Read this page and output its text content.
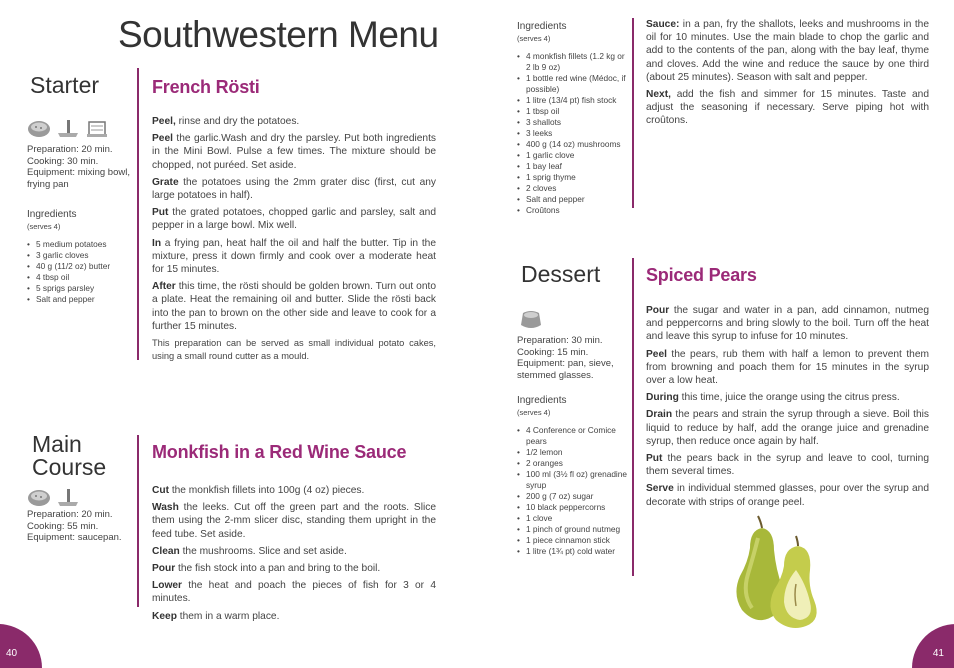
Southwestern Menu
Starter
Preparation: 20 min.
Cooking: 30 min.
Equipment: mixing bowl, frying pan
Ingredients
(serves 4)
• 5 medium potatoes
• 3 garlic cloves
• 40 g (11/2 oz) butter
• 4 tbsp oil
• 5 sprigs parsley
• Salt and pepper
French Rösti

Peel, rinse and dry the potatoes.

Peel the garlic.Wash and dry the parsley. Put both ingredients in the Mini Bowl. Pulse a few times. The mixture should be chopped, not puréed. Set aside.

Grate the potatoes using the 2mm grater disc (first, cut any large potatoes in half).

Put the grated potatoes, chopped garlic and parsley, salt and pepper in a large bowl. Mix well.

In a frying pan, heat half the oil and half the butter. Tip in the mixture, press it down firmly and cook over a moderate heat for 15 minutes.

After this time, the rösti should be golden brown. Turn out onto a plate. Heat the remaining oil and butter. Slide the rösti back into the pan to brown on the other side and leave to cook for a further 15 minutes.

This preparation can be served as small individual potato cakes, using a small round cutter as a mould.

Main
Course
Preparation: 20 min.
Cooking: 55 min.
Equipment: saucepan.
Monkfish in a Red Wine Sauce

Cut the monkfish fillets into 100g (4 oz) pieces.

Wash the leeks. Cut off the green part and the roots. Slice them using the 2-mm slicer disc, standing them upright in the feed tube. Set aside.

Clean the mushrooms. Slice and set aside.

Pour the fish stock into a pan and bring to the boil.

Lower the heat and poach the pieces of fish for 3 or 4 minutes.

Keep them in a warm place.

Ingredients
(serves 4)
• 4 monkfish fillets (1.2 kg or 2 lb 9 oz)
• 1 bottle red wine (Médoc, if possible)
• 1 litre (13/4 pt) fish stock
• 1 tbsp oil
• 3 shallots
• 3 leeks
• 400 g (14 oz) mushrooms
• 1 garlic clove
• 1 bay leaf
• 1 sprig thyme
• 2 cloves
• Salt and pepper
• Croûtons

Sauce: in a pan, fry the shallots, leeks and mushrooms in the oil for 10 minutes. Use the main blade to chop the garlic and add to the contents of the pan, along with the bay leaf, thyme and cloves. Add the wine and reduce the sauce by one third (about 25 minutes). Season with salt and pepper.

Next, add the fish and simmer for 15 minutes. Taste and adjust the seasoning if necessary. Serve piping hot with croûtons.

Dessert
Preparation: 30 min.
Cooking: 15 min.
Equipment: pan, sieve, stemmed glasses.
Ingredients
(serves 4)
• 4 Conference or Comice pears
• 1/2 lemon
• 2 oranges
• 100 ml (3½ fl oz) grenadine syrup
• 200 g (7 oz) sugar
• 10 black peppercorns
• 1 clove
• 1 pinch of ground nutmeg
• 1 piece cinnamon stick
• 1 litre (1¾ pt) cold water
Spiced Pears

Pour the sugar and water in a pan, add cinnamon, nutmeg and peppercorns and bring slowly to the boil. Turn off the heat and leave this syrup to infuse for 10 minutes.

Peel the pears, rub them with half a lemon to prevent them from browning and poach them for 15 minutes in the syrup over a low heat.

During this time, juice the orange using the citrus press.

Drain the pears and strain the syrup through a sieve. Boil this liquid to reduce by half, add the orange juice and grenadine syrup, then reduce once again by half.

Put the pears back in the syrup and leave to cool, turning them several times.

Serve in individual stemmed glasses, pour over the syrup and decorate with strips of orange peel.

40	41
